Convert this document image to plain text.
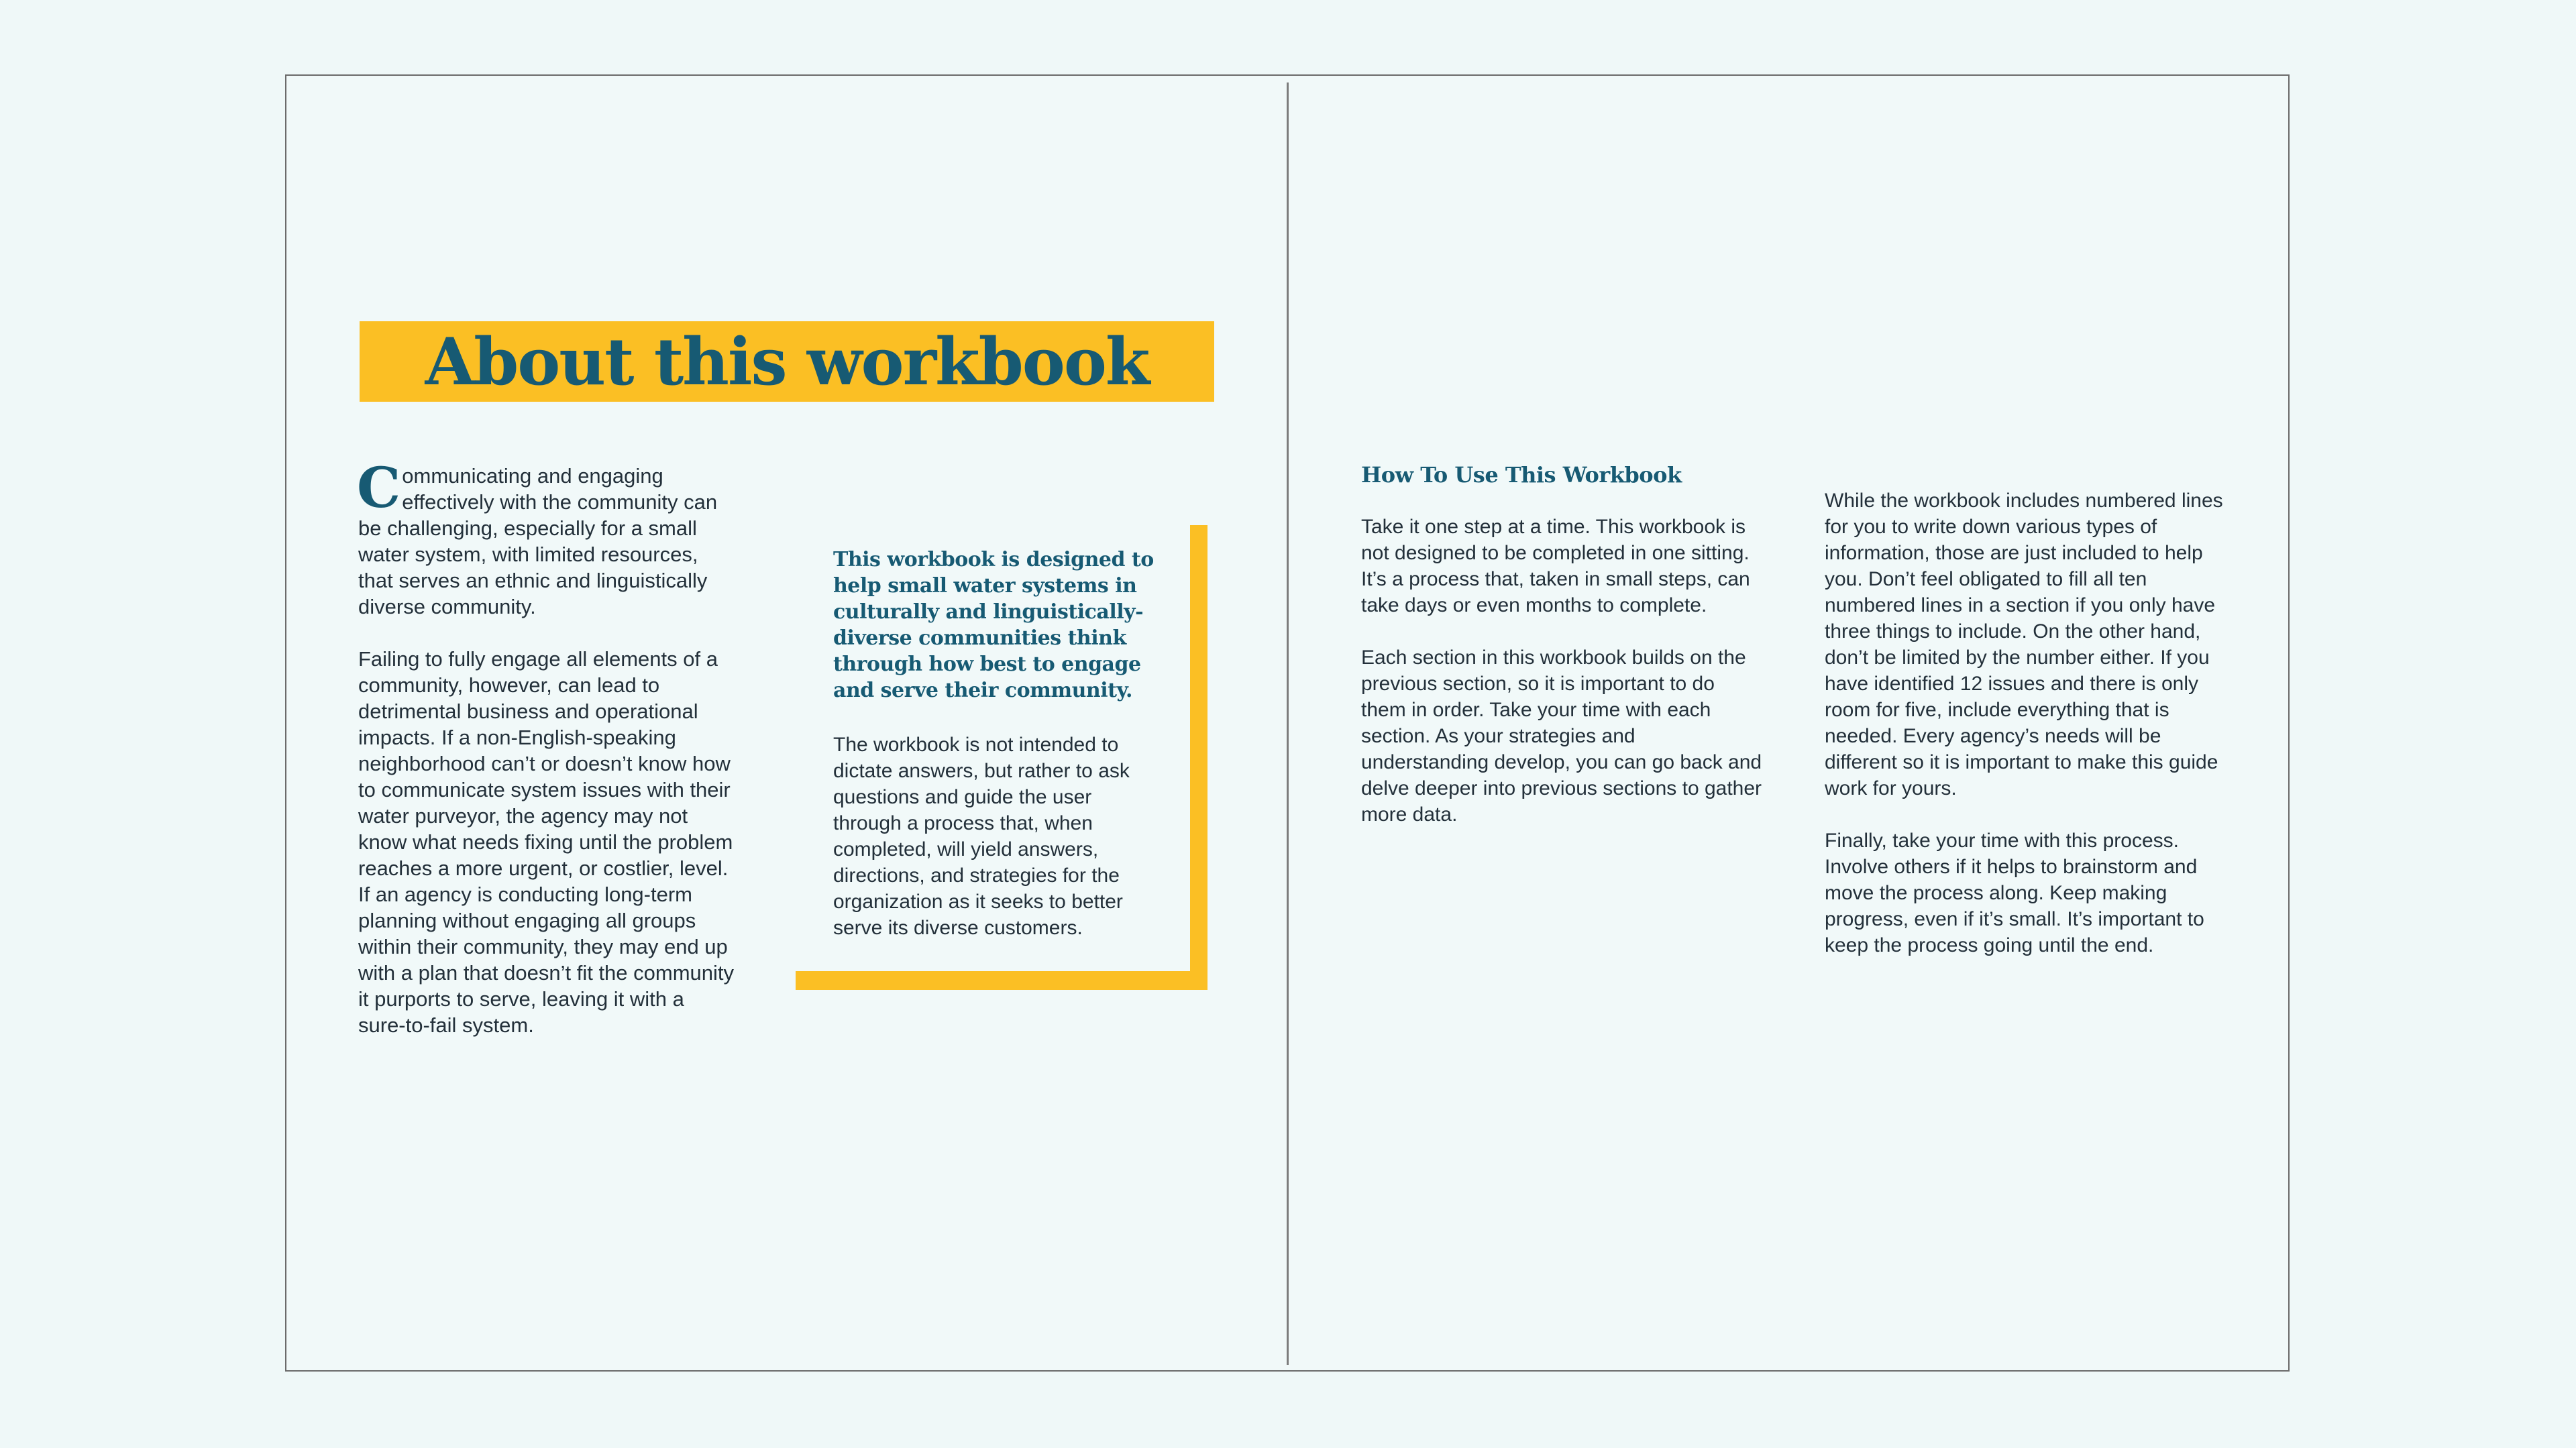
About this workbook

Communicating and engaging effectively with the community can be challenging, especially for a small water system, with limited resources, that serves an ethnic and linguistically diverse community.

Failing to fully engage all elements of a community, however, can lead to detrimental business and operational impacts. If a non-English-speaking neighborhood can’t or doesn’t know how to communicate system issues with their water purveyor, the agency may not know what needs fixing until the problem reaches a more urgent, or costlier, level. If an agency is conducting long-term planning without engaging all groups within their community, they may end up with a plan that doesn’t fit the community it purports to serve, leaving it with a sure-to-fail system.

This workbook is designed to help small water systems in culturally and linguistically-diverse communities think through how best to engage and serve their community.

The workbook is not intended to dictate answers, but rather to ask questions and guide the user through a process that, when completed, will yield answers, directions, and strategies for the organization as it seeks to better serve its diverse customers.

How To Use This Workbook

Take it one step at a time. This workbook is not designed to be completed in one sitting. It’s a process that, taken in small steps, can take days or even months to complete.

Each section in this workbook builds on the previous section, so it is important to do them in order. Take your time with each section. As your strategies and understanding develop, you can go back and delve deeper into previous sections to gather more data.

While the workbook includes numbered lines for you to write down various types of information, those are just included to help you. Don’t feel obligated to fill all ten numbered lines in a section if you only have three things to include. On the other hand, don’t be limited by the number either. If you have identified 12 issues and there is only room for five, include everything that is needed. Every agency’s needs will be different so it is important to make this guide work for yours.

Finally, take your time with this process. Involve others if it helps to brainstorm and move the process along. Keep making progress, even if it’s small. It’s important to keep the process going until the end.
